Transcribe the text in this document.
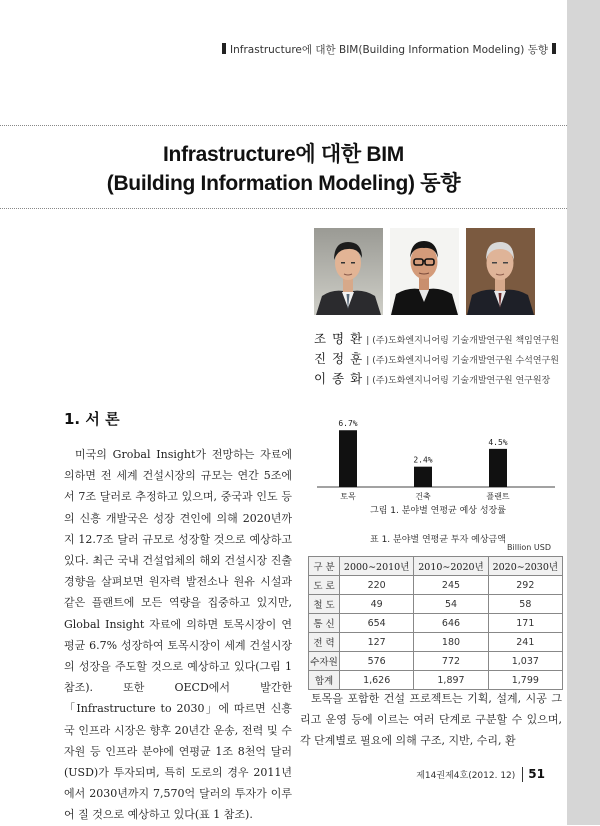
Infrastructure에 대한 BIM(Building Information Modeling) 동향
Infrastructure에 대한 BIM
(Building Information Modeling) 동향
조 명 환 | (주)도화엔지니어링 기술개발연구원 책임연구원
진 정 훈 | (주)도화엔지니어링 기술개발연구원 수석연구원
이 종 화 | (주)도화엔지니어링 기술개발연구원 연구원장
1. 서 론

미국의 Grobal Insight가 전망하는 자료에 의하면 전 세계 건설시장의 규모는 연간 5조에서 7조 달러로 추정하고 있으며, 중국과 인도 등의 신흥 개발국은 성장 견인에 의해 2020년까지 12.7조 달러 규모로 성장할 것으로 예상하고 있다. 최근 국내 건설업체의 해외 건설시장 진출 경향을 살펴보면 원자력 발전소나 원유 시설과 같은 플랜트에 모든 역량을 집중하고 있지만, Global Insight 자료에 의하면 토목시장이 연평균 6.7% 성장하여 토목시장이 세계 건설시장의 성장을 주도할 것으로 예상하고 있다(그림 1 참조). 또한 OECD에서 발간한 「Infrastructure to 2030」에 따르면 신흥국 인프라 시장은 향후 20년간 운송, 전력 및 수자원 등 인프라 분야에 연평균 1조 8천억 달러(USD)가 투자되며, 특히 도로의 경우 2011년에서 2030년까지 7,570억 달러의 투자가 이루어 질 것으로 예상하고 있다(표 1 참조).

6.7%
토목
2.4%
건축
4.5%
플랜트
그림 1. 분야별 연평균 예상 성장률
표 1. 분야별 연평균 투자 예상금액
Billion USD
구 분	2000∼2010년	2010∼2020년	2020∼2030년
도 로	220	245	292
철 도	49	54	58
통 신	654	646	171
전 력	127	180	241
수자원	576	772	1,037
합계	1,626	1,897	1,799

토목을 포함한 건설 프로젝트는 기획, 설계, 시공 그리고 운영 등에 이르는 여러 단계로 구분할 수 있으며, 각 단계별로 필요에 의해 구조, 지반, 수리, 환

제14권제4호(2012. 12) 51
